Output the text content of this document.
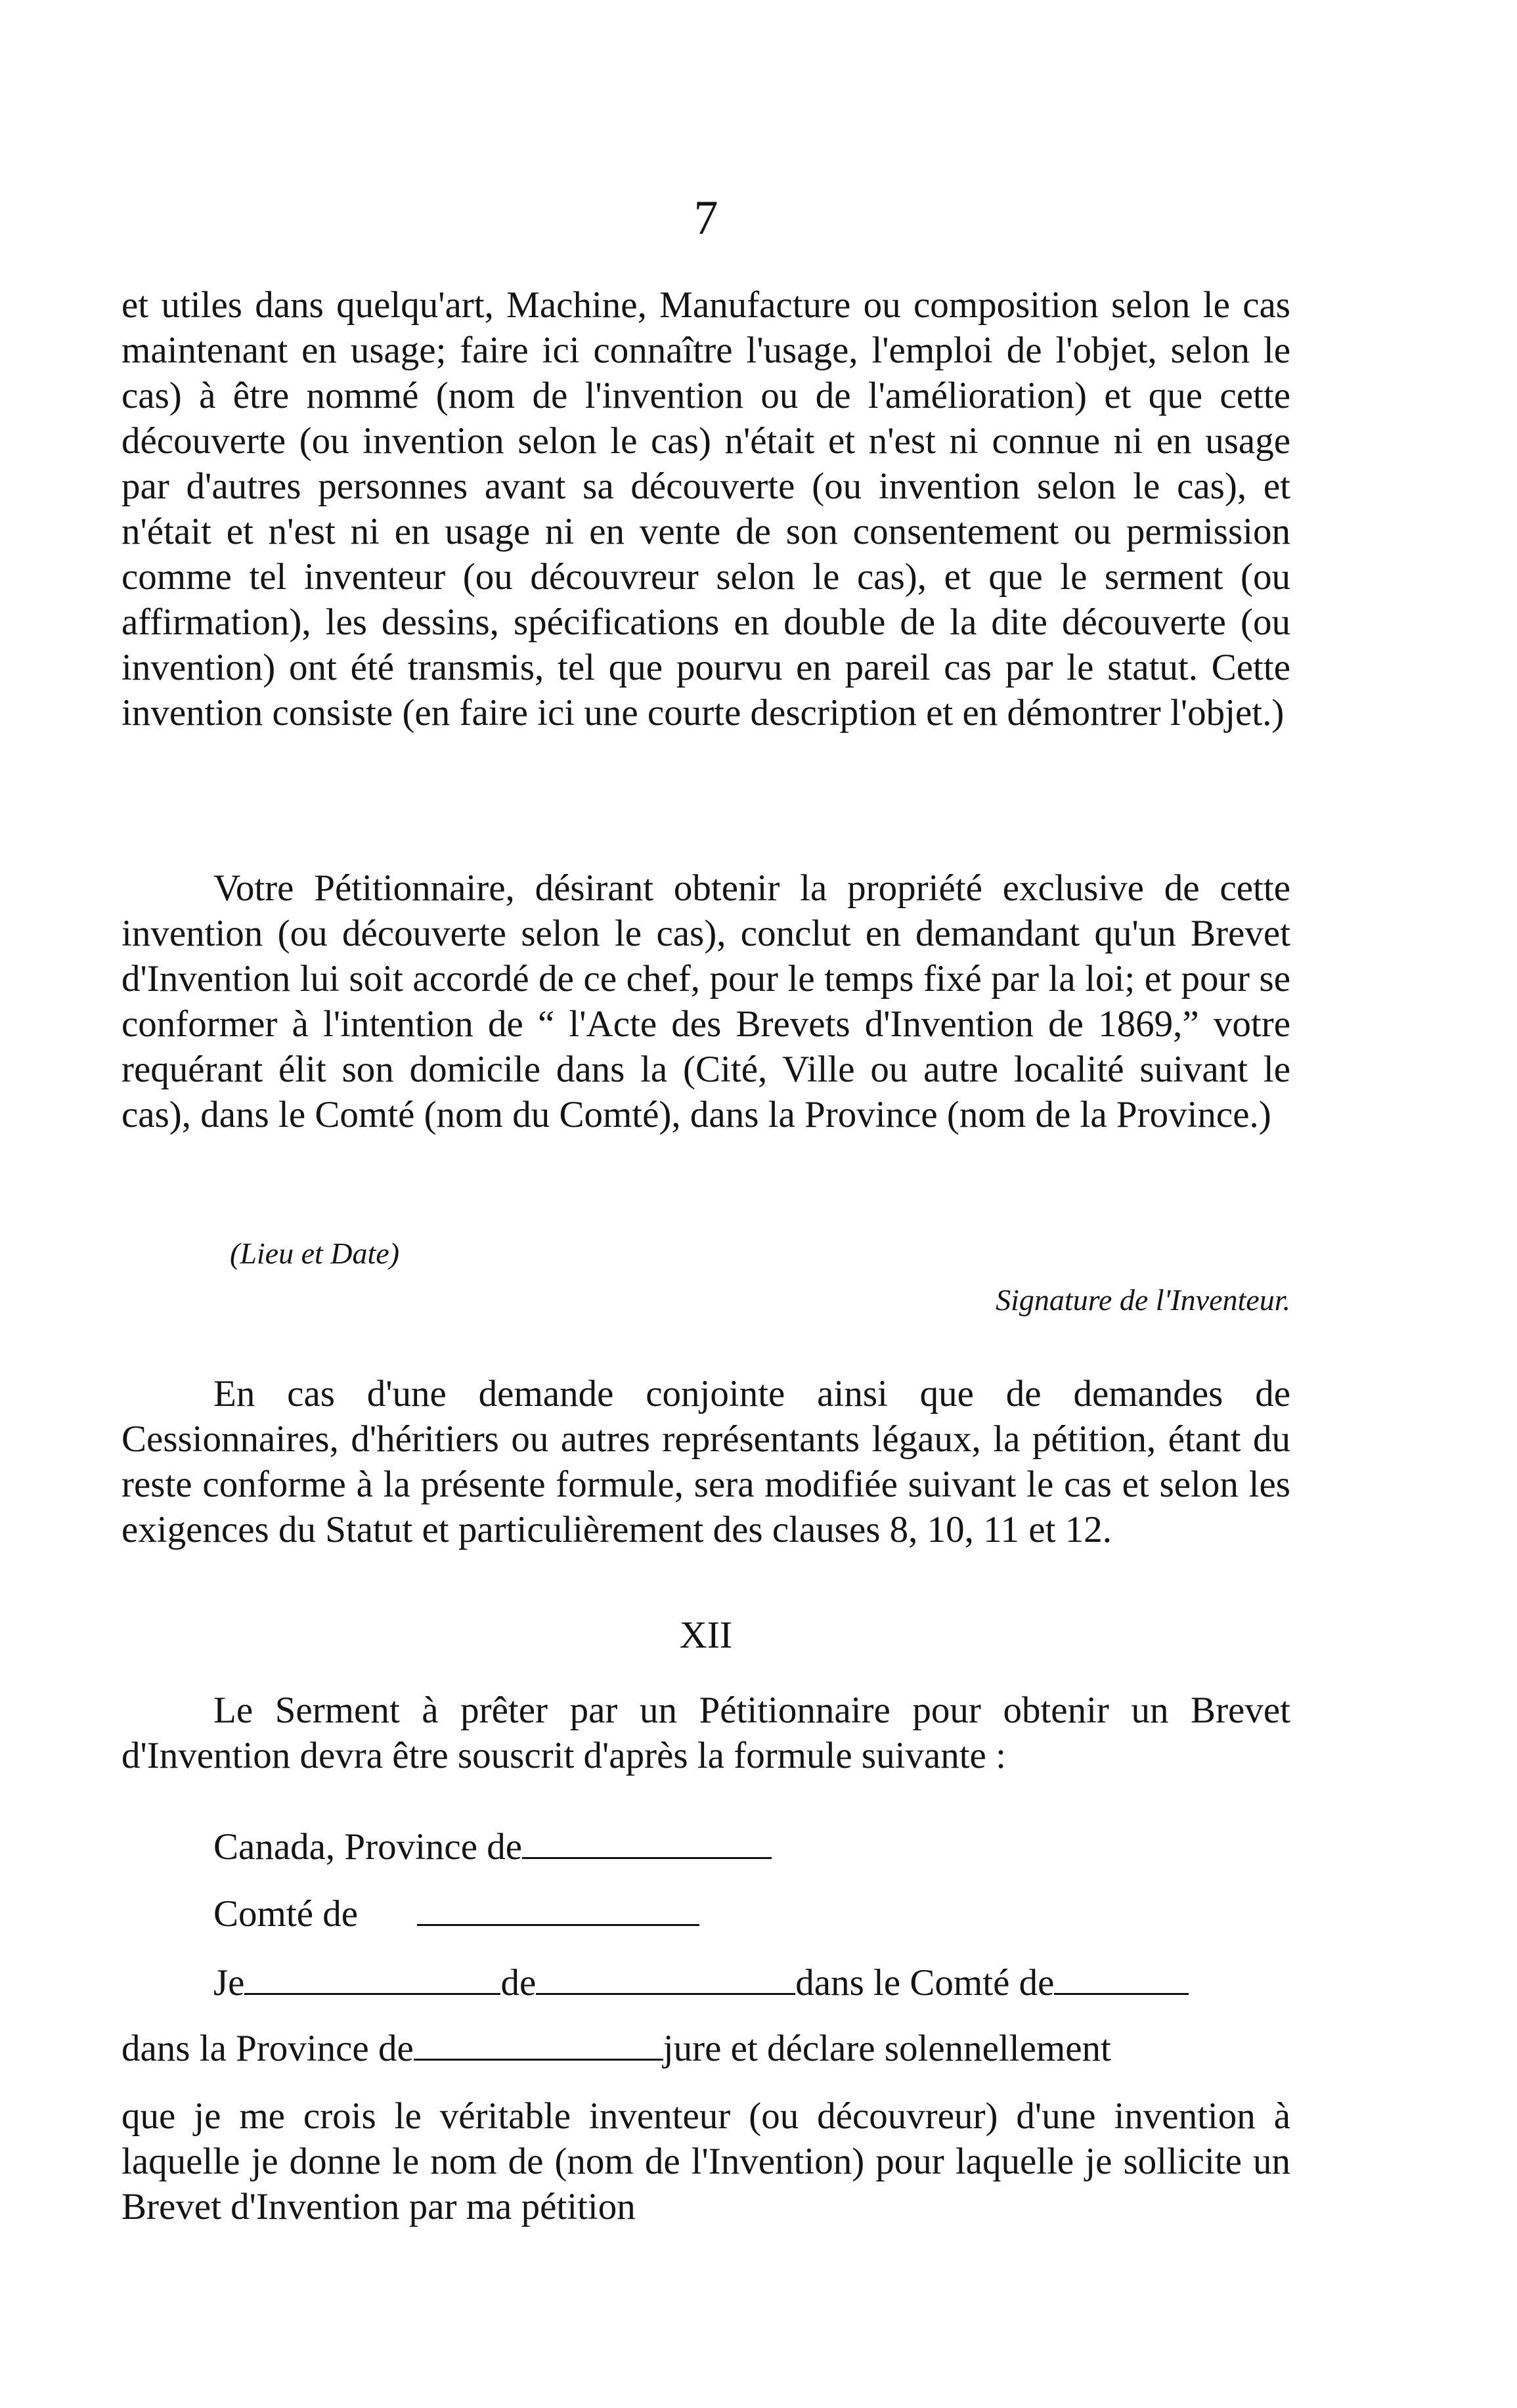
7

et utiles dans quelqu'art, Machine, Manufacture ou composition selon le cas maintenant en usage; faire ici connaître l'usage, l'emploi de l'objet, selon le cas) à être nommé (nom de l'invention ou de l'amélioration) et que cette découverte (ou invention selon le cas) n'était et n'est ni connue ni en usage par d'autres personnes avant sa découverte (ou invention selon le cas), et n'était et n'est ni en usage ni en vente de son consentement ou permission comme tel inventeur (ou découvreur selon le cas), et que le serment (ou affirmation), les dessins, spécifications en double de la dite découverte (ou invention) ont été transmis, tel que pourvu en pareil cas par le statut. Cette invention consiste (en faire ici une courte description et en démontrer l'objet.)

Votre Pétitionnaire, désirant obtenir la propriété exclusive de cette invention (ou découverte selon le cas), conclut en demandant qu'un Brevet d'Invention lui soit accordé de ce chef, pour le temps fixé par la loi; et pour se conformer à l'intention de “ l'Acte des Brevets d'Invention de 1869,” votre requérant élit son domicile dans la (Cité, Ville ou autre localité suivant le cas), dans le Comté (nom du Comté), dans la Province (nom de la Province.)

(Lieu et Date)
Signature de l'Inventeur.

En cas d'une demande conjointe ainsi que de demandes de Cessionnaires, d'héritiers ou autres représentants légaux, la pétition, étant du reste conforme à la présente formule, sera modifiée suivant le cas et selon les exigences du Statut et particulièrement des clauses 8, 10, 11 et 12.

XII

Le Serment à prêter par un Pétitionnaire pour obtenir un Brevet d'Invention devra être souscrit d'après la formule suivante :

Canada, Province de
Comté de
Je	de	dans le Comté de
dans la Province de	jure et déclare solennellement

que je me crois le véritable inventeur (ou découvreur) d'une invention à laquelle je donne le nom de (nom de l'Invention) pour laquelle je sollicite un Brevet d'Invention par ma pétition
